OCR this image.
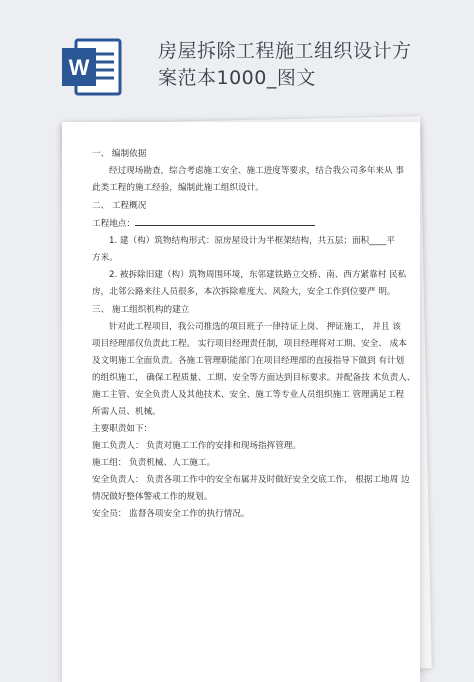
W
房屋拆除工程施工组织设计方
案范本1000_图文
一、 编制依据
经过现场勘查，综合考虑施工安全、施工进度等要求，结合我公司多年来从 事
此类工程的施工经验，编制此施工组织设计。
二、 工程概况
工程地点：
1. 建（构）筑物结构形式：原房屋设计为半框架结构，共五层；面积____平
方米。
2. 被拆除旧建（构）筑物周围环境，东邻建铁路立交桥、南、西方紧靠村 民私
房，北邻公路来往人员很多，本次拆除难度大、风险大，安全工作到位要严 明。
三、 施工组织机构的建立
针对此工程项目，我公司推选的项目班子一律持证上岗、 押证施工， 并且 该
项目经理部仅负责此工程。 实行项目经理责任制，项目经理将对工期、安全、 成本
及文明施工全面负责。各施工管理职能部门在项目经理部的直接指导下做到 有计划
的组织施工， 确保工程质量、工期、安全等方面达到目标要求。并配备技 术负责人、
施工主管、安全负责人及其他技术、安全、施工等专业人员组织施工 管理满足工程
所需人员、机械。
主要职责如下：
施工负责人： 负责对施工工作的安排和现场指挥管理。
施工组： 负责机械、人工施工。
安全负责人： 负责各项工作中的安全布属并及时做好安全交底工作， 根据工地周 边
情况做好整体警戒工作的规划。
安全员： 监督各项安全工作的执行情况。
